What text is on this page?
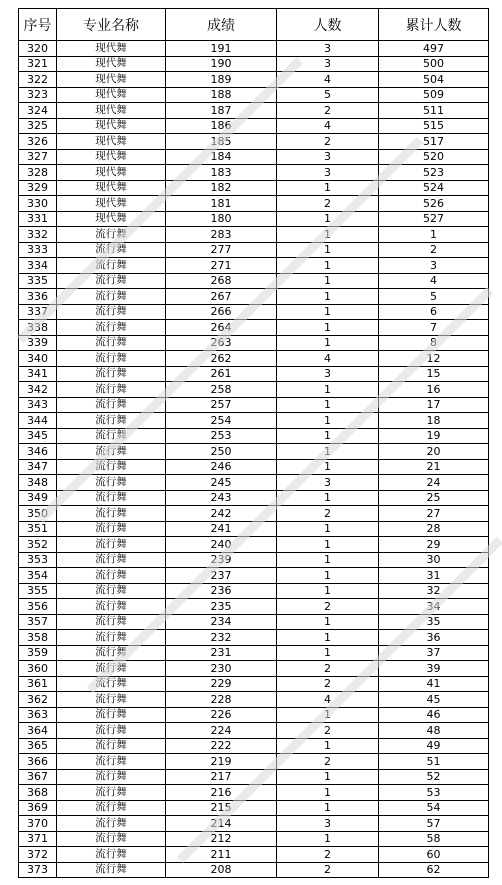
序号	专业名称	成绩	人数	累计人数
320	现代舞	191	3	497
321	现代舞	190	3	500
322	现代舞	189	4	504
323	现代舞	188	5	509
324	现代舞	187	2	511
325	现代舞	186	4	515
326	现代舞	185	2	517
327	现代舞	184	3	520
328	现代舞	183	3	523
329	现代舞	182	1	524
330	现代舞	181	2	526
331	现代舞	180	1	527
332	流行舞	283	1	1
333	流行舞	277	1	2
334	流行舞	271	1	3
335	流行舞	268	1	4
336	流行舞	267	1	5
337	流行舞	266	1	6
338	流行舞	264	1	7
339	流行舞	263	1	8
340	流行舞	262	4	12
341	流行舞	261	3	15
342	流行舞	258	1	16
343	流行舞	257	1	17
344	流行舞	254	1	18
345	流行舞	253	1	19
346	流行舞	250	1	20
347	流行舞	246	1	21
348	流行舞	245	3	24
349	流行舞	243	1	25
350	流行舞	242	2	27
351	流行舞	241	1	28
352	流行舞	240	1	29
353	流行舞	239	1	30
354	流行舞	237	1	31
355	流行舞	236	1	32
356	流行舞	235	2	34
357	流行舞	234	1	35
358	流行舞	232	1	36
359	流行舞	231	1	37
360	流行舞	230	2	39
361	流行舞	229	2	41
362	流行舞	228	4	45
363	流行舞	226	1	46
364	流行舞	224	2	48
365	流行舞	222	1	49
366	流行舞	219	2	51
367	流行舞	217	1	52
368	流行舞	216	1	53
369	流行舞	215	1	54
370	流行舞	214	3	57
371	流行舞	212	1	58
372	流行舞	211	2	60
373	流行舞	208	2	62
